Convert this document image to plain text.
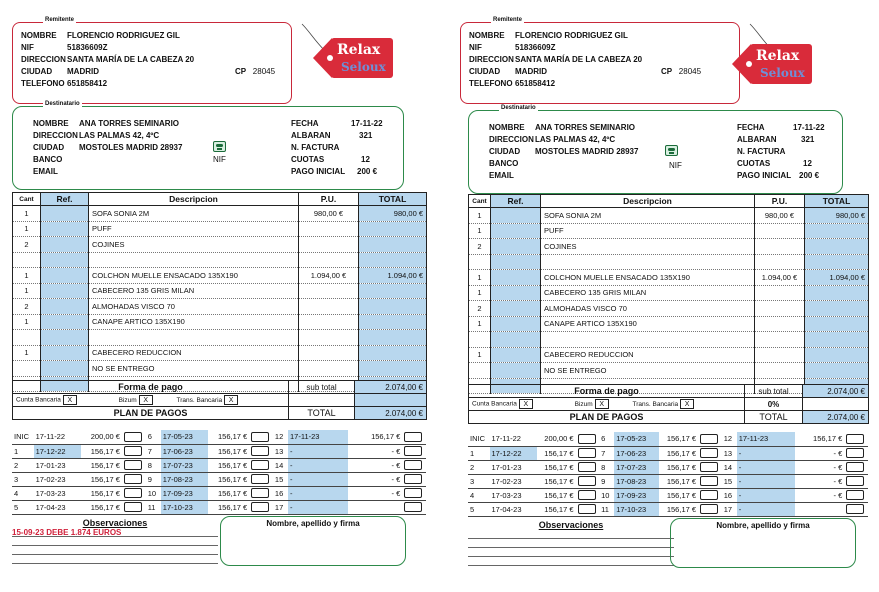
Remitente
NOMBRE FLORENCIO RODRIGUEZ GIL
NIF	51836609Z
DIRECCIONSANTA MARÍA DE LA CABEZA 20
CIUDAD MADRID	CP 28045
TELEFONO 651858412
Relax
Seloux
Destinatario
NOMBRE ANA TORRES SEMINARIO
DIRECCIONLAS PALMAS 42, 4ºC
CIUDAD MOSTOLES MADRID 28937
BANCO
EMAIL
NIF
FECHA	17-11-22
ALBARAN	321
N. FACTURA
CUOTAS	12
PAGO INICIAL 200 €
Cant	Ref.	Descripcion	P.U.	TOTAL
1		SOFA SONIA 2M	980,00 €	980,00 €
1		PUFF		
2		COJINES		

1		COLCHON MUELLE ENSACADO 135X190	1.094,00 €	1.094,00 €
1		CABECERO 135 GRIS MILAN		
2		ALMOHADAS VISCO 70		
1		CANAPE ARTICO 135X190		

1		CABECERO REDUCCION		
		NO SE ENTREGO		

Forma de pago	sub total	2.074,00 €
Cunta Bancaria X Bizum X Trans. Bancaria X		
PLAN DE PAGOS	TOTAL	2.074,00 €
INIC	17-11-22	200,00 €		6	17-05-23	156,17 €		12	17-11-23	156,17 €	
1	17-12-22	156,17 €		7	17-06-23	156,17 €		13	-	- €	
2	17-01-23	156,17 €		8	17-07-23	156,17 €		14	-	- €	
3	17-02-23	156,17 €		9	17-08-23	156,17 €		15	-	- €	
4	17-03-23	156,17 €		10	17-09-23	156,17 €		16	-	- €	
5	17-04-23	156,17 €		11	17-10-23	156,17 €		17	-		
Observaciones
15-09-23 DEBE 1.874 EUROS
Nombre, apellido y firma
Remitente
NOMBRE FLORENCIO RODRIGUEZ GIL
NIF	51836609Z
DIRECCIONSANTA MARÍA DE LA CABEZA 20
CIUDAD MADRID	CP 28045
TELEFONO 651858412
Relax
Seloux
Destinatario
NOMBRE ANA TORRES SEMINARIO
DIRECCIONLAS PALMAS 42, 4ºC
CIUDAD MOSTOLES MADRID 28937
BANCO
EMAIL
NIF
FECHA	17-11-22
ALBARAN	321
N. FACTURA
CUOTAS	12
PAGO INICIAL 200 €
Cant	Ref.	Descripcion	P.U.	TOTAL
1		SOFA SONIA 2M	980,00 €	980,00 €
1		PUFF		
2		COJINES		

1		COLCHON MUELLE ENSACADO 135X190	1.094,00 €	1.094,00 €
1		CABECERO 135 GRIS MILAN		
2		ALMOHADAS VISCO 70		
1		CANAPE ARTICO 135X190		

1		CABECERO REDUCCION		
		NO SE ENTREGO		

Forma de pago	sub total	2.074,00 €
Cunta Bancaria X Bizum X Trans. Bancaria X	0%	
PLAN DE PAGOS	TOTAL	2.074,00 €
INIC	17-11-22	200,00 €		6	17-05-23	156,17 €		12	17-11-23	156,17 €	
1	17-12-22	156,17 €		7	17-06-23	156,17 €		13	-	- €	
2	17-01-23	156,17 €		8	17-07-23	156,17 €		14	-	- €	
3	17-02-23	156,17 €		9	17-08-23	156,17 €		15	-	- €	
4	17-03-23	156,17 €		10	17-09-23	156,17 €		16	-	- €	
5	17-04-23	156,17 €		11	17-10-23	156,17 €		17	-		
Observaciones	Nombre, apellido y firma
